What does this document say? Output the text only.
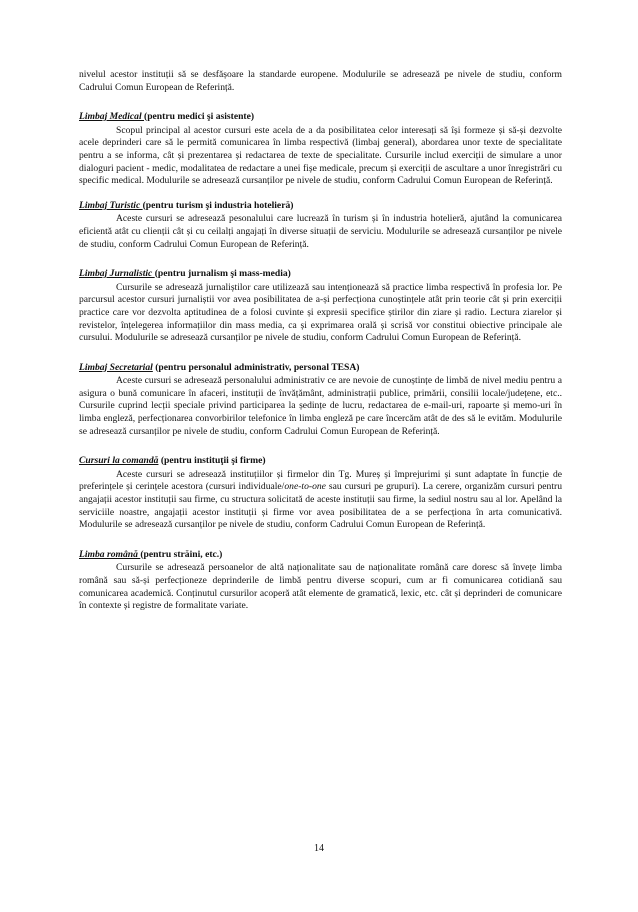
nivelul acestor instituții să se desfășoare la standarde europene. Modulurile se adresează pe nivele de studiu, conform Cadrului Comun European de Referință.

Limbaj Medical (pentru medici şi asistente)

Scopul principal al acestor cursuri este acela de a da posibilitatea celor interesați să își formeze și să-și dezvolte acele deprinderi care să le permită comunicarea în limba respectivă (limbaj general), abordarea unor texte de specialitate pentru a se informa, cât și prezentarea și redactarea de texte de specialitate. Cursurile includ exerciții de simulare a unor dialoguri pacient - medic, modalitatea de redactare a unei fișe medicale, precum și exerciții de ascultare a unor înregistrări cu specific medical. Modulurile se adresează cursanților pe nivele de studiu, conform Cadrului Comun European de Referință.

Limbaj Turistic (pentru turism şi industria hotelieră)

Aceste cursuri se adresează pesonalului care lucrează în turism și în industria hotelieră, ajutând la comunicarea eficientă atât cu clienții cât și cu ceilalți angajați în diverse situații de serviciu. Modulurile se adresează cursanților pe nivele de studiu, conform Cadrului Comun European de Referință.

Limbaj Jurnalistic (pentru jurnalism şi mass-media)

Cursurile se adresează jurnaliștilor care utilizează sau intenționează să practice limba respectivă în profesia lor. Pe parcursul acestor cursuri jurnaliștii vor avea posibilitatea de a-și perfecționa cunoștințele atât prin teorie cât și prin exerciții practice care vor dezvolta aptitudinea de a folosi cuvinte și expresii specifice știrilor din ziare și radio. Lectura ziarelor și revistelor, înțelegerea informațiilor din mass media, ca și exprimarea orală și scrisă vor constitui obiective principale ale cursului. Modulurile se adresează cursanților pe nivele de studiu, conform Cadrului Comun European de Referință.

Limbaj Secretarial (pentru personalul administrativ, personal TESA)

Aceste cursuri se adresează personalului administrativ ce are nevoie de cunoștințe de limbă de nivel mediu pentru a asigura o bună comunicare în afaceri, instituții de învățământ, administrații publice, primării, consilii locale/județene, etc.. Cursurile cuprind lecții speciale privind participarea la ședințe de lucru, redactarea de e-mail-uri, rapoarte și memo-uri în limba engleză, perfecționarea convorbirilor telefonice în limba engleză pe care încercăm atât de des să le evităm. Modulurile se adresează cursanților pe nivele de studiu, conform Cadrului Comun European de Referință.

Cursuri la comandă (pentru instituţii şi firme)

Aceste cursuri se adresează instituțiilor și firmelor din Tg. Mureș și împrejurimi și sunt adaptate în funcție de preferințele și cerințele acestora (cursuri individuale/one-to-one sau cursuri pe grupuri). La cerere, organizăm cursuri pentru angajații acestor instituții sau firme, cu structura solicitată de aceste instituții sau firme, la sediul nostru sau al lor. Apelând la serviciile noastre, angajații acestor instituții și firme vor avea posibilitatea de a se perfecționa în arta comunicativă. Modulurile se adresează cursanților pe nivele de studiu, conform Cadrului Comun European de Referință.

Limba română (pentru străini, etc.)

Cursurile se adresează persoanelor de altă naționalitate sau de naționalitate română care doresc să învețe limba română sau să-și perfecționeze deprinderile de limbă pentru diverse scopuri, cum ar fi comunicarea cotidiană sau comunicarea academică. Conținutul cursurilor acoperă atât elemente de gramatică, lexic, etc. cât și deprinderi de comunicare în contexte și registre de formalitate variate.

14
